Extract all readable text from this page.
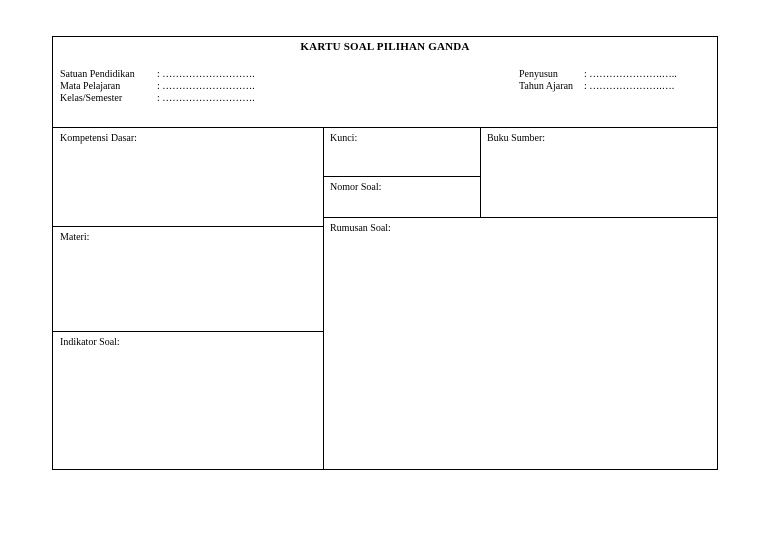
KARTU SOAL PILIHAN GANDA
Satuan Pendidikan : ……………………….
Mata Pelajaran	: ……………………….
Kelas/Semester	: ……………………….
Penyusun	: ………………….…..
Tahun Ajaran : ………………….….
Kompetensi Dasar:	Kunci:	Buku Sumber:
Nomor Soal:
Rumusan Soal:
Materi:
Indikator Soal:
